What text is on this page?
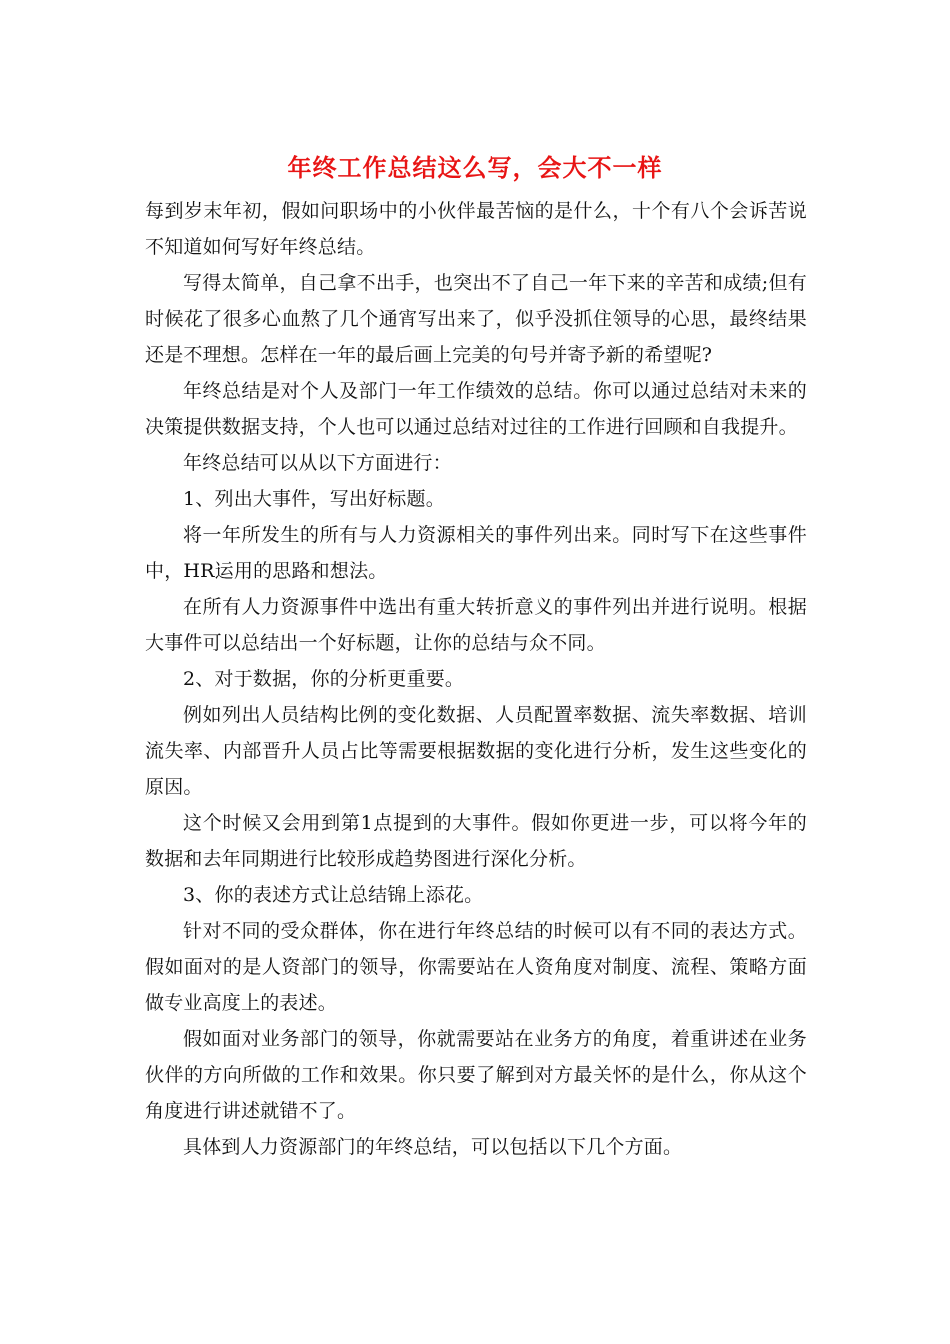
年终工作总结这么写，会大不一样

每到岁末年初，假如问职场中的小伙伴最苦恼的是什么，十个有八个会诉苦说不知道如何写好年终总结。

写得太简单，自己拿不出手，也突出不了自己一年下来的辛苦和成绩;但有时候花了很多心血熬了几个通宵写出来了，似乎没抓住领导的心思，最终结果还是不理想。怎样在一年的最后画上完美的句号并寄予新的希望呢?

年终总结是对个人及部门一年工作绩效的总结。你可以通过总结对未来的决策提供数据支持，个人也可以通过总结对过往的工作进行回顾和自我提升。

年终总结可以从以下方面进行：

1、列出大事件，写出好标题。

将一年所发生的所有与人力资源相关的事件列出来。同时写下在这些事件中，HR运用的思路和想法。

在所有人力资源事件中选出有重大转折意义的事件列出并进行说明。根据大事件可以总结出一个好标题，让你的总结与众不同。

2、对于数据，你的分析更重要。

例如列出人员结构比例的变化数据、人员配置率数据、流失率数据、培训流失率、内部晋升人员占比等需要根据数据的变化进行分析，发生这些变化的原因。

这个时候又会用到第1点提到的大事件。假如你更进一步，可以将今年的数据和去年同期进行比较形成趋势图进行深化分析。

3、你的表述方式让总结锦上添花。

针对不同的受众群体，你在进行年终总结的时候可以有不同的表达方式。假如面对的是人资部门的领导，你需要站在人资角度对制度、流程、策略方面做专业高度上的表述。

假如面对业务部门的领导，你就需要站在业务方的角度，着重讲述在业务伙伴的方向所做的工作和效果。你只要了解到对方最关怀的是什么，你从这个角度进行讲述就错不了。

具体到人力资源部门的年终总结，可以包括以下几个方面。
